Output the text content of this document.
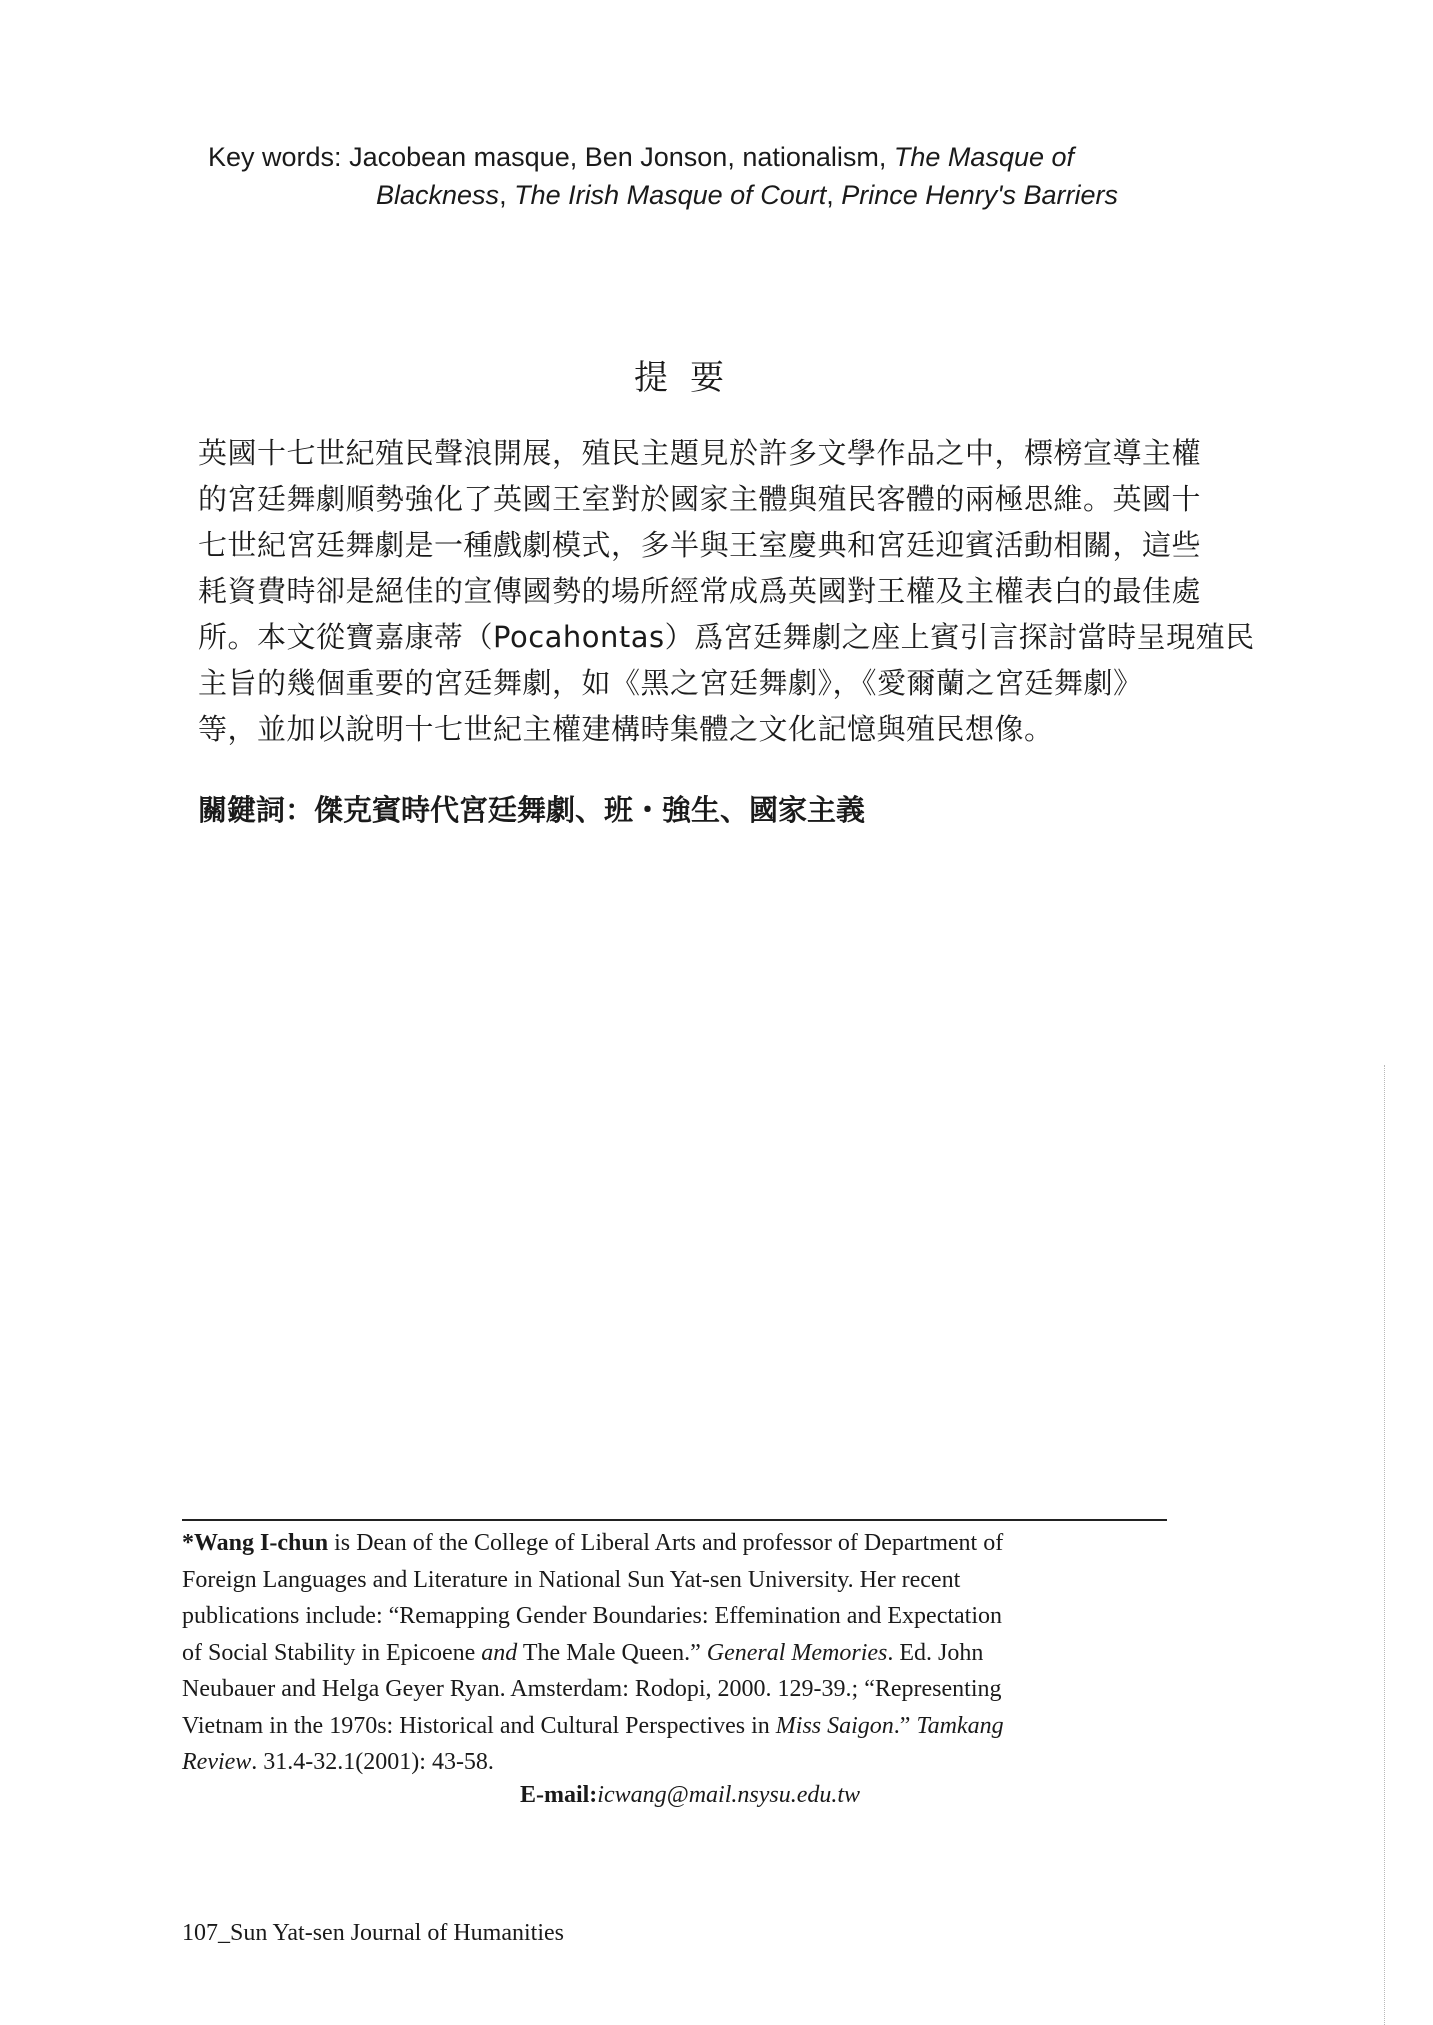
Key words: Jacobean masque, Ben Jonson, nationalism, The Masque of
Blackness, The Irish Masque of Court, Prince Henry's Barriers
提要
英國十七世紀殖民聲浪開展，殖民主題見於許多文學作品之中，標榜宣導主權
的宮廷舞劇順勢強化了英國王室對於國家主體與殖民客體的兩極思維。英國十
七世紀宮廷舞劇是一種戲劇模式，多半與王室慶典和宮廷迎賓活動相關，這些
耗資費時卻是絕佳的宣傳國勢的場所經常成爲英國對王權及主權表白的最佳處
所。本文從寶嘉康蒂（Pocahontas）爲宮廷舞劇之座上賓引言探討當時呈現殖民
主旨的幾個重要的宮廷舞劇，如《黑之宮廷舞劇》，《愛爾蘭之宮廷舞劇》
等，並加以說明十七世紀主權建構時集體之文化記憶與殖民想像。
關鍵詞：傑克賓時代宮廷舞劇、班・強生、國家主義
*Wang I-chun is Dean of the College of Liberal Arts and professor of Department of
Foreign Languages and Literature in National Sun Yat-sen University. Her recent
publications include: “Remapping Gender Boundaries: Effemination and Expectation
of Social Stability in Epicoene and The Male Queen.” General Memories. Ed. John
Neubauer and Helga Geyer Ryan. Amsterdam: Rodopi, 2000. 129-39.; “Representing
Vietnam in the 1970s: Historical and Cultural Perspectives in Miss Saigon.” Tamkang
Review. 31.4-32.1(2001): 43-58.
E-mail:icwang@mail.nsysu.edu.tw
107_Sun Yat-sen Journal of Humanities
